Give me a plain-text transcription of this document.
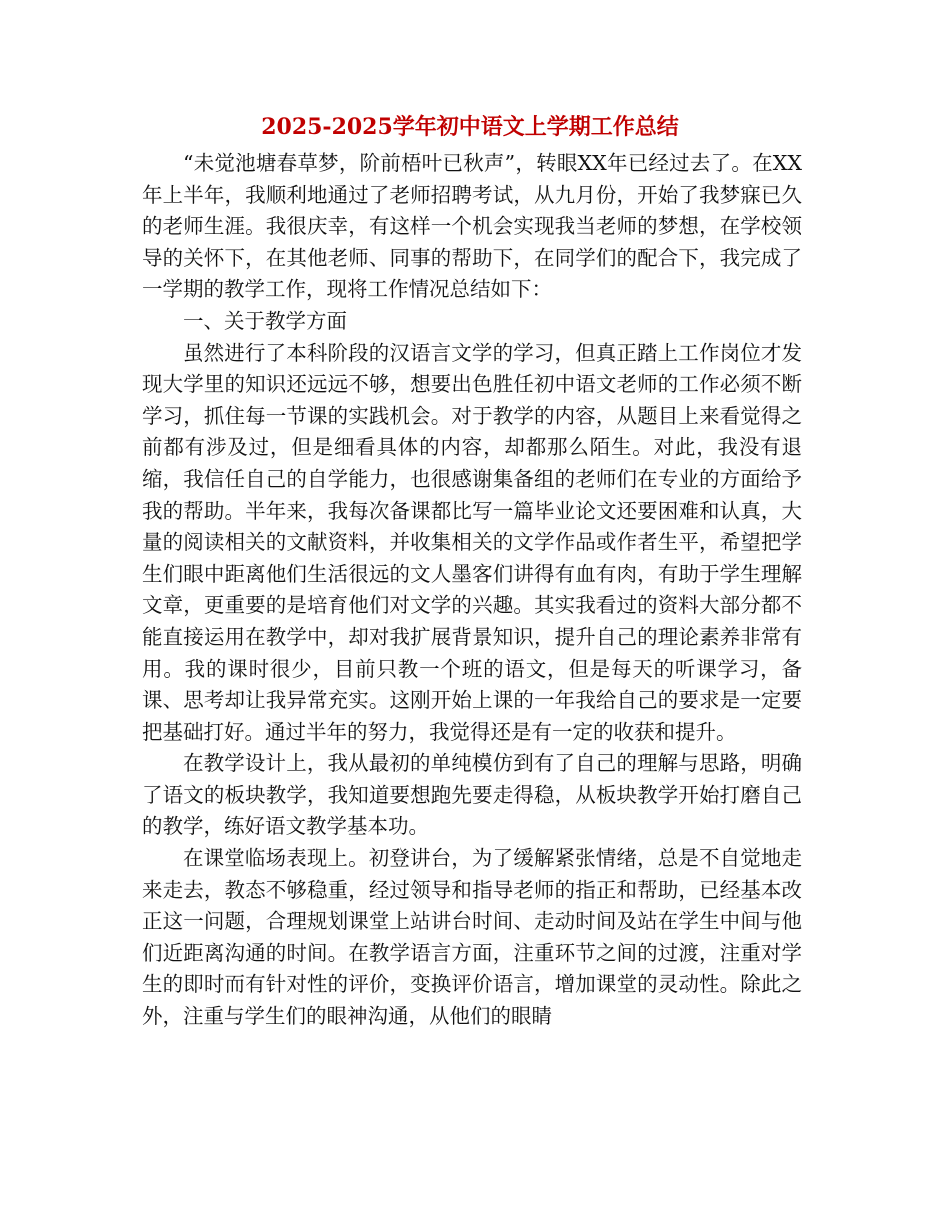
2025-2025学年初中语文上学期工作总结

“未觉池塘春草梦，阶前梧叶已秋声”，转眼XX年已经过去了。在XX年上半年，我顺利地通过了老师招聘考试，从九月份，开始了我梦寐已久的老师生涯。我很庆幸，有这样一个机会实现我当老师的梦想，在学校领导的关怀下，在其他老师、同事的帮助下，在同学们的配合下，我完成了一学期的教学工作，现将工作情况总结如下：

一、关于教学方面

虽然进行了本科阶段的汉语言文学的学习，但真正踏上工作岗位才发现大学里的知识还远远不够，想要出色胜任初中语文老师的工作必须不断学习，抓住每一节课的实践机会。对于教学的内容，从题目上来看觉得之前都有涉及过，但是细看具体的内容，却都那么陌生。对此，我没有退缩，我信任自己的自学能力，也很感谢集备组的老师们在专业的方面给予我的帮助。半年来，我每次备课都比写一篇毕业论文还要困难和认真，大量的阅读相关的文献资料，并收集相关的文学作品或作者生平，希望把学生们眼中距离他们生活很远的文人墨客们讲得有血有肉，有助于学生理解文章，更重要的是培育他们对文学的兴趣。其实我看过的资料大部分都不能直接运用在教学中，却对我扩展背景知识，提升自己的理论素养非常有用。我的课时很少，目前只教一个班的语文，但是每天的听课学习，备课、思考却让我异常充实。这刚开始上课的一年我给自己的要求是一定要把基础打好。通过半年的努力，我觉得还是有一定的收获和提升。

在教学设计上，我从最初的单纯模仿到有了自己的理解与思路，明确了语文的板块教学，我知道要想跑先要走得稳，从板块教学开始打磨自己的教学，练好语文教学基本功。

在课堂临场表现上。初登讲台，为了缓解紧张情绪，总是不自觉地走来走去，教态不够稳重，经过领导和指导老师的指正和帮助，已经基本改正这一问题，合理规划课堂上站讲台时间、走动时间及站在学生中间与他们近距离沟通的时间。在教学语言方面，注重环节之间的过渡，注重对学生的即时而有针对性的评价，变换评价语言，增加课堂的灵动性。除此之外，注重与学生们的眼神沟通，从他们的眼睛
